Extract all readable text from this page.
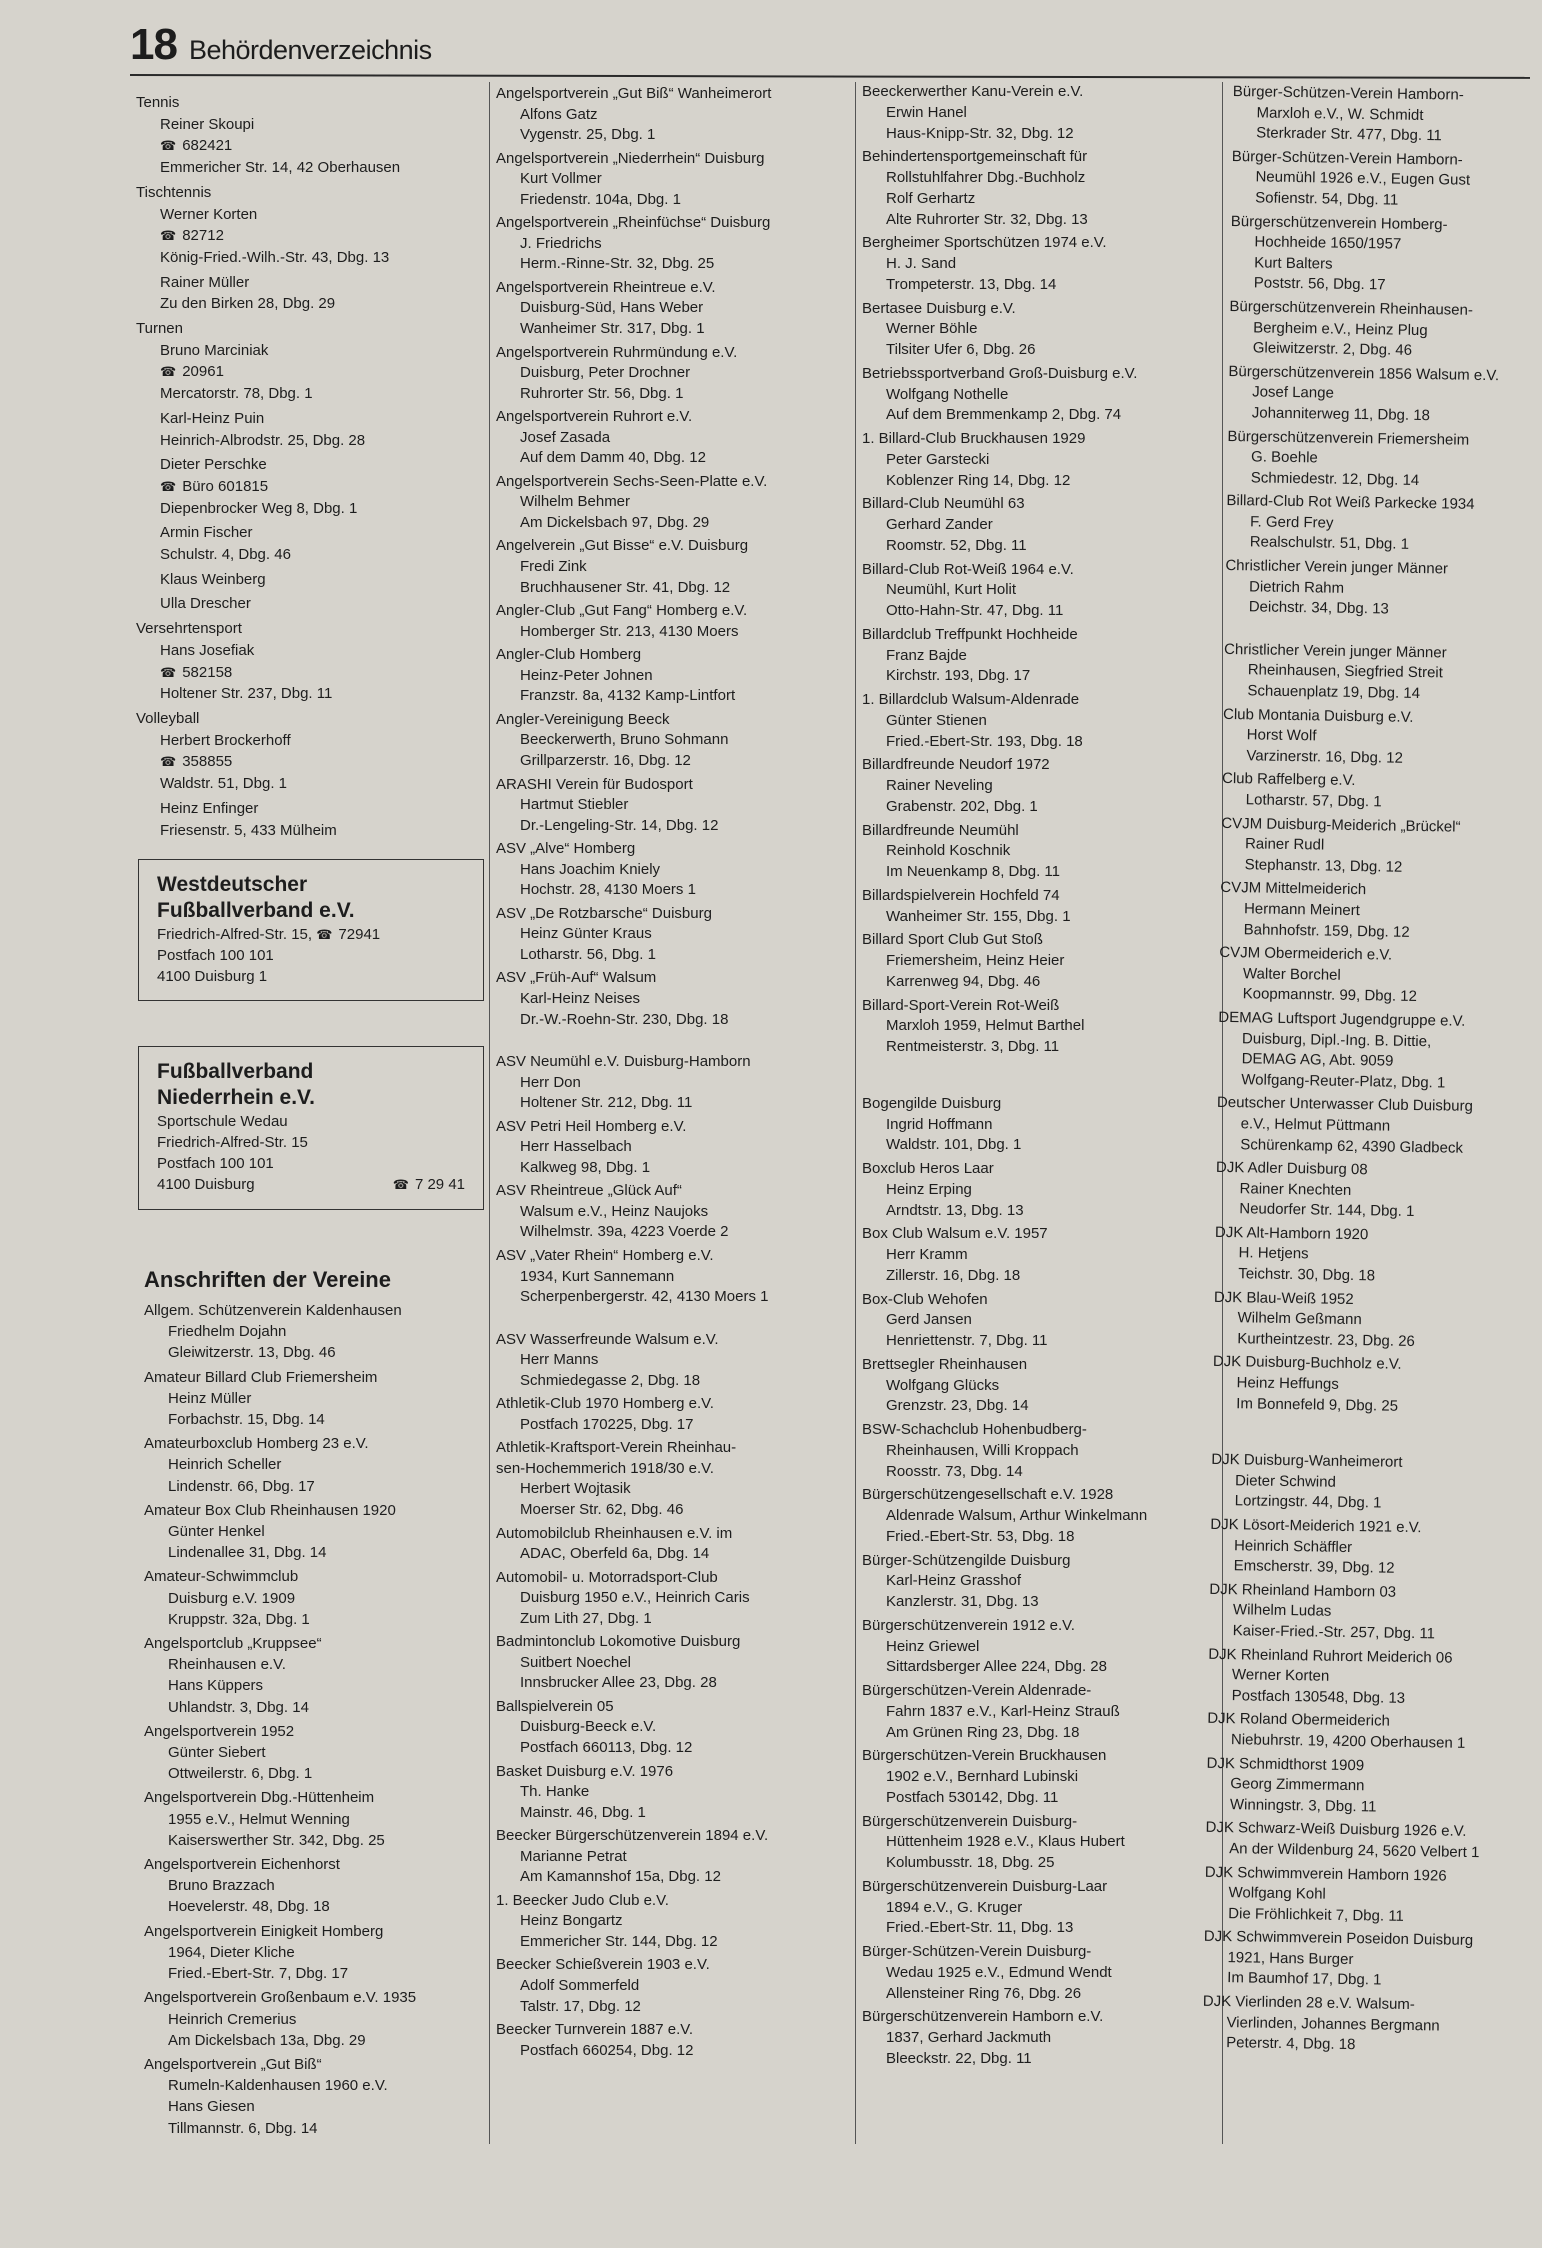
18 Behördenverzeichnis
Tennis
Reiner Skoupi
☎ 682421
Emmericher Str. 14, 42 Oberhausen
Tischtennis
Werner Korten
☎ 82712
König-Fried.-Wilh.-Str. 43, Dbg. 13
Rainer Müller
Zu den Birken 28, Dbg. 29
Turnen
Bruno Marciniak
☎ 20961
Mercatorstr. 78, Dbg. 1
Karl-Heinz Puin
Heinrich-Albrodstr. 25, Dbg. 28
Dieter Perschke
☎ Büro 601815
Diepenbrocker Weg 8, Dbg. 1
Armin Fischer
Schulstr. 4, Dbg. 46
Klaus Weinberg
Ulla Drescher
Versehrtensport
Hans Josefiak
☎ 582158
Holtener Str. 237, Dbg. 11
Volleyball
Herbert Brockerhoff
☎ 358855
Waldstr. 51, Dbg. 1
Heinz Enfinger
Friesenstr. 5, 433 Mülheim
Westdeutscher
Fußballverband e.V.
Friedrich-Alfred-Str. 15, ☎ 72941
Postfach 100 101
4100 Duisburg 1
Fußballverband
Niederrhein e.V.
Sportschule Wedau
Friedrich-Alfred-Str. 15
Postfach 100 101
4100 Duisburg ☎	7 29 41
Anschriften der Vereine
Allgem. Schützenverein Kaldenhausen
Friedhelm Dojahn
Gleiwitzerstr. 13, Dbg. 46
Amateur Billard Club Friemersheim
Heinz Müller
Forbachstr. 15, Dbg. 14
Amateurboxclub Homberg 23 e.V.
Heinrich Scheller
Lindenstr. 66, Dbg. 17
Amateur Box Club Rheinhausen 1920
Günter Henkel
Lindenallee 31, Dbg. 14
Amateur-Schwimmclub
Duisburg e.V. 1909
Kruppstr. 32a, Dbg. 1
Angelsportclub „Kruppsee“
Rheinhausen e.V.
Hans Küppers
Uhlandstr. 3, Dbg. 14
Angelsportverein 1952
Günter Siebert
Ottweilerstr. 6, Dbg. 1
Angelsportverein Dbg.-Hüttenheim
1955 e.V., Helmut Wenning
Kaiserswerther Str. 342, Dbg. 25
Angelsportverein Eichenhorst
Bruno Brazzach
Hoevelerstr. 48, Dbg. 18
Angelsportverein Einigkeit Homberg
1964, Dieter Kliche
Fried.-Ebert-Str. 7, Dbg. 17
Angelsportverein Großenbaum e.V. 1935
Heinrich Cremerius
Am Dickelsbach 13a, Dbg. 29
Angelsportverein „Gut Biß“
Rumeln-Kaldenhausen 1960 e.V.
Hans Giesen
Tillmannstr. 6, Dbg. 14
Angelsportverein „Gut Biß“ Wanheimerort
Alfons Gatz
Vygenstr. 25, Dbg. 1
Angelsportverein „Niederrhein“ Duisburg
Kurt Vollmer
Friedenstr. 104a, Dbg. 1
Angelsportverein „Rheinfüchse“ Duisburg
J. Friedrichs
Herm.-Rinne-Str. 32, Dbg. 25
Angelsportverein Rheintreue e.V.
Duisburg-Süd, Hans Weber
Wanheimer Str. 317, Dbg. 1
Angelsportverein Ruhrmündung e.V.
Duisburg, Peter Drochner
Ruhrorter Str. 56, Dbg. 1
Angelsportverein Ruhrort e.V.
Josef Zasada
Auf dem Damm 40, Dbg. 12
Angelsportverein Sechs-Seen-Platte e.V.
Wilhelm Behmer
Am Dickelsbach 97, Dbg. 29
Angelverein „Gut Bisse“ e.V. Duisburg
Fredi Zink
Bruchhausener Str. 41, Dbg. 12
Angler-Club „Gut Fang“ Homberg e.V.
Homberger Str. 213, 4130 Moers
Angler-Club Homberg
Heinz-Peter Johnen
Franzstr. 8a, 4132 Kamp-Lintfort
Angler-Vereinigung Beeck
Beeckerwerth, Bruno Sohmann
Grillparzerstr. 16, Dbg. 12
ARASHI Verein für Budosport
Hartmut Stiebler
Dr.-Lengeling-Str. 14, Dbg. 12
ASV „Alve“ Homberg
Hans Joachim Kniely
Hochstr. 28, 4130 Moers 1
ASV „De Rotzbarsche“ Duisburg
Heinz Günter Kraus
Lotharstr. 56, Dbg. 1
ASV „Früh-Auf“ Walsum
Karl-Heinz Neises
Dr.-W.-Roehn-Str. 230, Dbg. 18
ASV Neumühl e.V. Duisburg-Hamborn
Herr Don
Holtener Str. 212, Dbg. 11
ASV Petri Heil Homberg e.V.
Herr Hasselbach
Kalkweg 98, Dbg. 1
ASV Rheintreue „Glück Auf“
Walsum e.V., Heinz Naujoks
Wilhelmstr. 39a, 4223 Voerde 2
ASV „Vater Rhein“ Homberg e.V.
1934, Kurt Sannemann
Scherpenbergerstr. 42, 4130 Moers 1
ASV Wasserfreunde Walsum e.V.
Herr Manns
Schmiedegasse 2, Dbg. 18
Athletik-Club 1970 Homberg e.V.
Postfach 170225, Dbg. 17
Athletik-Kraftsport-Verein Rheinhau-
sen-Hochemmerich 1918/30 e.V.
Herbert Wojtasik
Moerser Str. 62, Dbg. 46
Automobilclub Rheinhausen e.V. im
ADAC, Oberfeld 6a, Dbg. 14
Automobil- u. Motorradsport-Club
Duisburg 1950 e.V., Heinrich Caris
Zum Lith 27, Dbg. 1
Badmintonclub Lokomotive Duisburg
Suitbert Noechel
Innsbrucker Allee 23, Dbg. 28
Ballspielverein 05
Duisburg-Beeck e.V.
Postfach 660113, Dbg. 12
Basket Duisburg e.V. 1976
Th. Hanke
Mainstr. 46, Dbg. 1
Beecker Bürgerschützenverein 1894 e.V.
Marianne Petrat
Am Kamannshof 15a, Dbg. 12
1. Beecker Judo Club e.V.
Heinz Bongartz
Emmericher Str. 144, Dbg. 12
Beecker Schießverein 1903 e.V.
Adolf Sommerfeld
Talstr. 17, Dbg. 12
Beecker Turnverein 1887 e.V.
Postfach 660254, Dbg. 12
Beeckerwerther Kanu-Verein e.V.
Erwin Hanel
Haus-Knipp-Str. 32, Dbg. 12
Behindertensportgemeinschaft für
Rollstuhlfahrer Dbg.-Buchholz
Rolf Gerhartz
Alte Ruhrorter Str. 32, Dbg. 13
Bergheimer Sportschützen 1974 e.V.
H. J. Sand
Trompeterstr. 13, Dbg. 14
Bertasee Duisburg e.V.
Werner Böhle
Tilsiter Ufer 6, Dbg. 26
Betriebssportverband Groß-Duisburg e.V.
Wolfgang Nothelle
Auf dem Bremmenkamp 2, Dbg. 74
1. Billard-Club Bruckhausen 1929
Peter Garstecki
Koblenzer Ring 14, Dbg. 12
Billard-Club Neumühl 63
Gerhard Zander
Roomstr. 52, Dbg. 11
Billard-Club Rot-Weiß 1964 e.V.
Neumühl, Kurt Holit
Otto-Hahn-Str. 47, Dbg. 11
Billardclub Treffpunkt Hochheide
Franz Bajde
Kirchstr. 193, Dbg. 17
1. Billardclub Walsum-Aldenrade
Günter Stienen
Fried.-Ebert-Str. 193, Dbg. 18
Billardfreunde Neudorf 1972
Rainer Neveling
Grabenstr. 202, Dbg. 1
Billardfreunde Neumühl
Reinhold Koschnik
Im Neuenkamp 8, Dbg. 11
Billardspielverein Hochfeld 74
Wanheimer Str. 155, Dbg. 1
Billard Sport Club Gut Stoß
Friemersheim, Heinz Heier
Karrenweg 94, Dbg. 46
Billard-Sport-Verein Rot-Weiß
Marxloh 1959, Helmut Barthel
Rentmeisterstr. 3, Dbg. 11
Bogengilde Duisburg
Ingrid Hoffmann
Waldstr. 101, Dbg. 1
Boxclub Heros Laar
Heinz Erping
Arndtstr. 13, Dbg. 13
Box Club Walsum e.V. 1957
Herr Kramm
Zillerstr. 16, Dbg. 18
Box-Club Wehofen
Gerd Jansen
Henriettenstr. 7, Dbg. 11
Brettsegler Rheinhausen
Wolfgang Glücks
Grenzstr. 23, Dbg. 14
BSW-Schachclub Hohenbudberg-
Rheinhausen, Willi Kroppach
Roosstr. 73, Dbg. 14
Bürgerschützengesellschaft e.V. 1928
Aldenrade Walsum, Arthur Winkelmann
Fried.-Ebert-Str. 53, Dbg. 18
Bürger-Schützengilde Duisburg
Karl-Heinz Grasshof
Kanzlerstr. 31, Dbg. 13
Bürgerschützenverein 1912 e.V.
Heinz Griewel
Sittardsberger Allee 224, Dbg. 28
Bürgerschützen-Verein Aldenrade-
Fahrn 1837 e.V., Karl-Heinz Strauß
Am Grünen Ring 23, Dbg. 18
Bürgerschützen-Verein Bruckhausen
1902 e.V., Bernhard Lubinski
Postfach 530142, Dbg. 11
Bürgerschützenverein Duisburg-
Hüttenheim 1928 e.V., Klaus Hubert
Kolumbusstr. 18, Dbg. 25
Bürgerschützenverein Duisburg-Laar
1894 e.V., G. Kruger
Fried.-Ebert-Str. 11, Dbg. 13
Bürger-Schützen-Verein Duisburg-
Wedau 1925 e.V., Edmund Wendt
Allensteiner Ring 76, Dbg. 26
Bürgerschützenverein Hamborn e.V.
1837, Gerhard Jackmuth
Bleeckstr. 22, Dbg. 11
Bürger-Schützen-Verein Hamborn-
Marxloh e.V., W. Schmidt
Sterkrader Str. 477, Dbg. 11
Bürger-Schützen-Verein Hamborn-
Neumühl 1926 e.V., Eugen Gust
Sofienstr. 54, Dbg. 11
Bürgerschützenverein Homberg-
Hochheide 1650/1957
Kurt Balters
Poststr. 56, Dbg. 17
Bürgerschützenverein Rheinhausen-
Bergheim e.V., Heinz Plug
Gleiwitzerstr. 2, Dbg. 46
Bürgerschützenverein 1856 Walsum e.V.
Josef Lange
Johanniterweg 11, Dbg. 18
Bürgerschützenverein Friemersheim
G. Boehle
Schmiedestr. 12, Dbg. 14
Billard-Club Rot Weiß Parkecke 1934
F. Gerd Frey
Realschulstr. 51, Dbg. 1
Christlicher Verein junger Männer
Dietrich Rahm
Deichstr. 34, Dbg. 13
Christlicher Verein junger Männer
Rheinhausen, Siegfried Streit
Schauenplatz 19, Dbg. 14
Club Montania Duisburg e.V.
Horst Wolf
Varzinerstr. 16, Dbg. 12
Club Raffelberg e.V.
Lotharstr. 57, Dbg. 1
CVJM Duisburg-Meiderich „Brückel“
Rainer Rudl
Stephanstr. 13, Dbg. 12
CVJM Mittelmeiderich
Hermann Meinert
Bahnhofstr. 159, Dbg. 12
CVJM Obermeiderich e.V.
Walter Borchel
Koopmannstr. 99, Dbg. 12
DEMAG Luftsport Jugendgruppe e.V.
Duisburg, Dipl.-Ing. B. Dittie,
DEMAG AG, Abt. 9059
Wolfgang-Reuter-Platz, Dbg. 1
Deutscher Unterwasser Club Duisburg
e.V., Helmut Püttmann
Schürenkamp 62, 4390 Gladbeck
DJK Adler Duisburg 08
Rainer Knechten
Neudorfer Str. 144, Dbg. 1
DJK Alt-Hamborn 1920
H. Hetjens
Teichstr. 30, Dbg. 18
DJK Blau-Weiß 1952
Wilhelm Geßmann
Kurtheintzestr. 23, Dbg. 26
DJK Duisburg-Buchholz e.V.
Heinz Heffungs
Im Bonnefeld 9, Dbg. 25
DJK Duisburg-Wanheimerort
Dieter Schwind
Lortzingstr. 44, Dbg. 1
DJK Lösort-Meiderich 1921 e.V.
Heinrich Schäffler
Emscherstr. 39, Dbg. 12
DJK Rheinland Hamborn 03
Wilhelm Ludas
Kaiser-Fried.-Str. 257, Dbg. 11
DJK Rheinland Ruhrort Meiderich 06
Werner Korten
Postfach 130548, Dbg. 13
DJK Roland Obermeiderich
Niebuhrstr. 19, 4200 Oberhausen 1
DJK Schmidthorst 1909
Georg Zimmermann
Winningstr. 3, Dbg. 11
DJK Schwarz-Weiß Duisburg 1926 e.V.
An der Wildenburg 24, 5620 Velbert 1
DJK Schwimmverein Hamborn 1926
Wolfgang Kohl
Die Fröhlichkeit 7, Dbg. 11
DJK Schwimmverein Poseidon Duisburg
1921, Hans Burger
Im Baumhof 17, Dbg. 1
DJK Vierlinden 28 e.V. Walsum-
Vierlinden, Johannes Bergmann
Peterstr. 4, Dbg. 18
